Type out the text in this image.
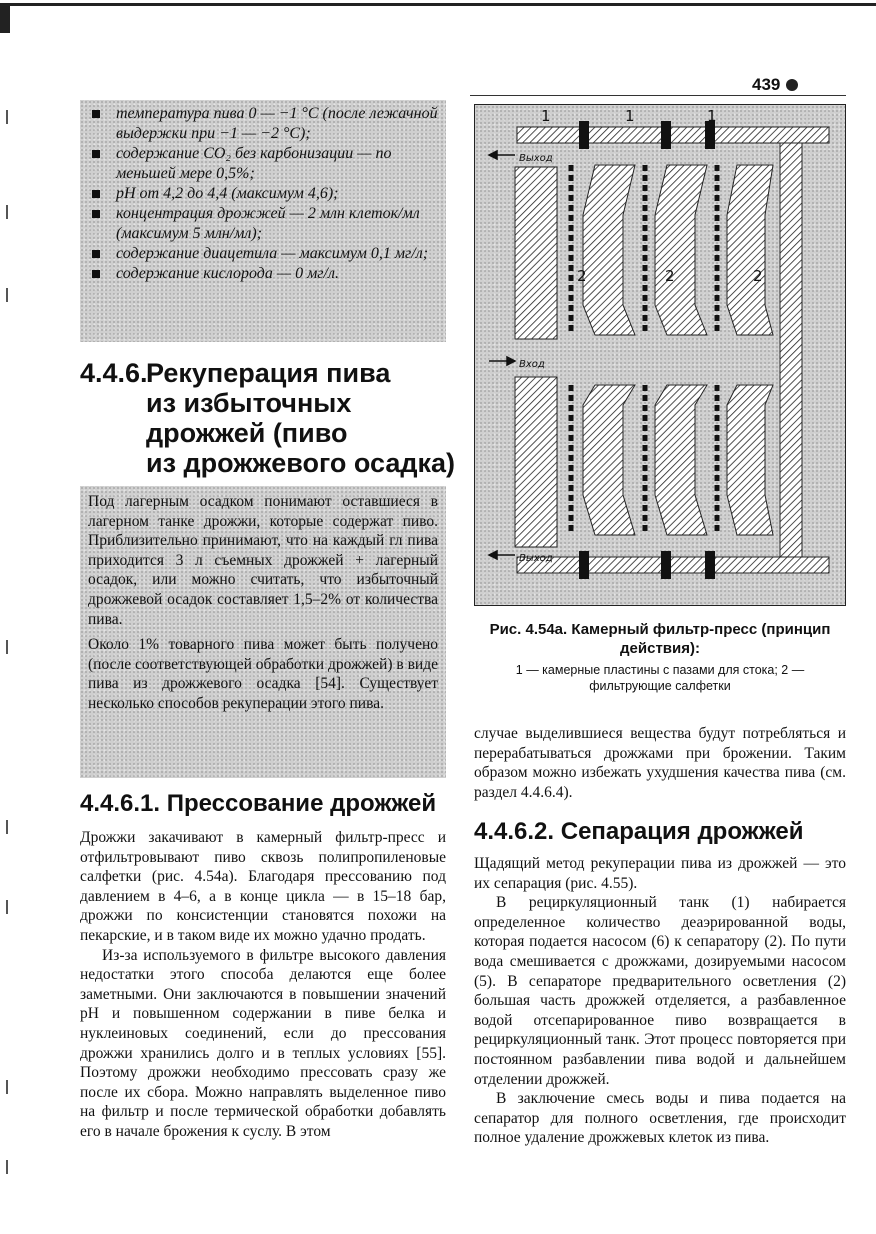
439
температура пива 0 — −1 °C (после лежачной выдержки при −1 — −2 °C);
содержание CO₂ без карбонизации — по меньшей мере 0,5%;
pH от 4,2 до 4,4 (максимум 4,6);
концентрация дрожжей — 2 млн клеток/мл (максимум 5 млн/мл);
содержание диацетила — максимум 0,1 мг/л;
содержание кислорода — 0 мг/л.
4.4.6.Рекуперация пива
из избыточных
дрожжей (пиво
из дрожжевого осадка)

Под лагерным осадком понимают оставшиеся в лагерном танке дрожжи, которые содержат пиво. Приблизительно принимают, что на каждый гл пива приходится 3 л съемных дрожжей + лагерный осадок, или можно считать, что избыточный дрожжевой осадок составляет 1,5–2% от количества пива.

Около 1% товарного пива может быть получено (после соответствующей обработки дрожжей) в виде пива из дрожжевого осадка [54]. Существует несколько способов рекуперации этого пива.

4.4.6.1. Прессование дрожжей

Дрожжи закачивают в камерный фильтр-пресс и отфильтровывают пиво сквозь полипропиленовые салфетки (рис. 4.54а). Благодаря прессованию под давлением в 4–6, а в конце цикла — в 15–18 бар, дрожжи по консистенции становятся похожи на пекарские, и в таком виде их можно удачно продать.

Из-за используемого в фильтре высокого давления недостатки этого способа делаются еще более заметными. Они заключаются в повышении значений pH и повышенном содержании в пиве белка и нуклеиновых соединений, если до прессования дрожжи хранились долго и в теплых условиях [55]. Поэтому дрожжи необходимо прессовать сразу же после их сбора. Можно направлять выделенное пиво на фильтр и после термической обработки добавлять его в начале брожения к суслу. В этом

1	1	1
2	2	2
Выход
Вход
Выход
Рис. 4.54а. Камерный фильтр-пресс (принцип действия):
1 — камерные пластины с пазами для стока; 2 — фильтрующие салфетки

случае выделившиеся вещества будут потребляться и перерабатываться дрожжами при брожении. Таким образом можно избежать ухудшения качества пива (см. раздел 4.4.6.4).

4.4.6.2. Сепарация дрожжей

Щадящий метод рекуперации пива из дрожжей — это их сепарация (рис. 4.55).

В рециркуляционный танк (1) набирается определенное количество деаэрированной воды, которая подается насосом (6) к сепаратору (2). По пути вода смешивается с дрожжами, дозируемыми насосом (5). В сепараторе предварительного осветления (2) большая часть дрожжей отделяется, а разбавленное водой отсепарированное пиво возвращается в рециркуляционный танк. Этот процесс повторяется при постоянном разбавлении пива водой и дальнейшем отделении дрожжей.

В заключение смесь воды и пива подается на сепаратор для полного осветления, где происходит полное удаление дрожжевых клеток из пива.
